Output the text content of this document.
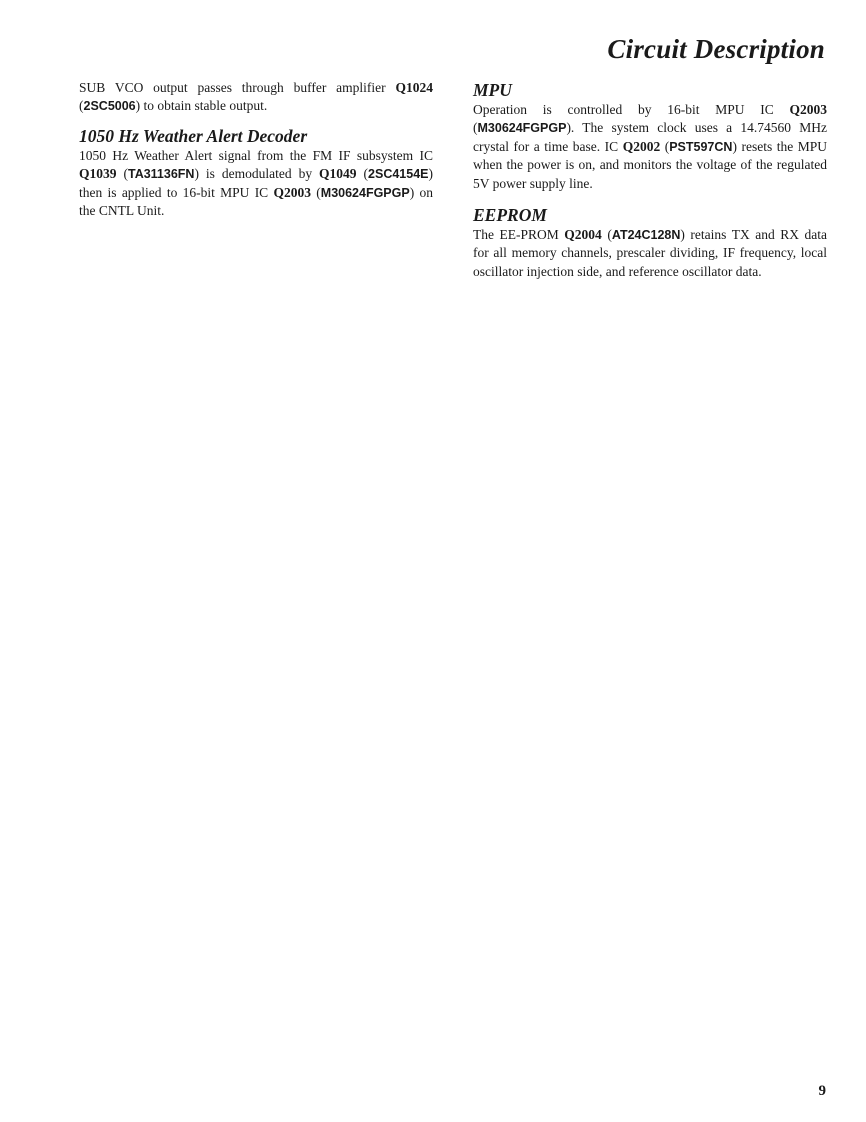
Circuit Description

SUB VCO output passes through buffer amplifier Q1024 (2SC5006) to obtain stable output.

1050 Hz Weather Alert Decoder

1050 Hz Weather Alert signal from the FM IF subsystem IC Q1039 (TA31136FN) is demodulated by Q1049 (2SC4154E) then is applied to 16-bit MPU IC Q2003 (M30624FGPGP) on the CNTL Unit.

MPU

Operation is controlled by 16-bit MPU IC Q2003 (M30624FGPGP). The system clock uses a 14.74560 MHz crystal for a time base. IC Q2002 (PST597CN) resets the MPU when the power is on, and monitors the voltage of the regulated 5V power supply line.

EEPROM

The EE-PROM Q2004 (AT24C128N) retains TX and RX data for all memory channels, prescaler dividing, IF frequency, local oscillator injection side, and reference oscillator data.

9
